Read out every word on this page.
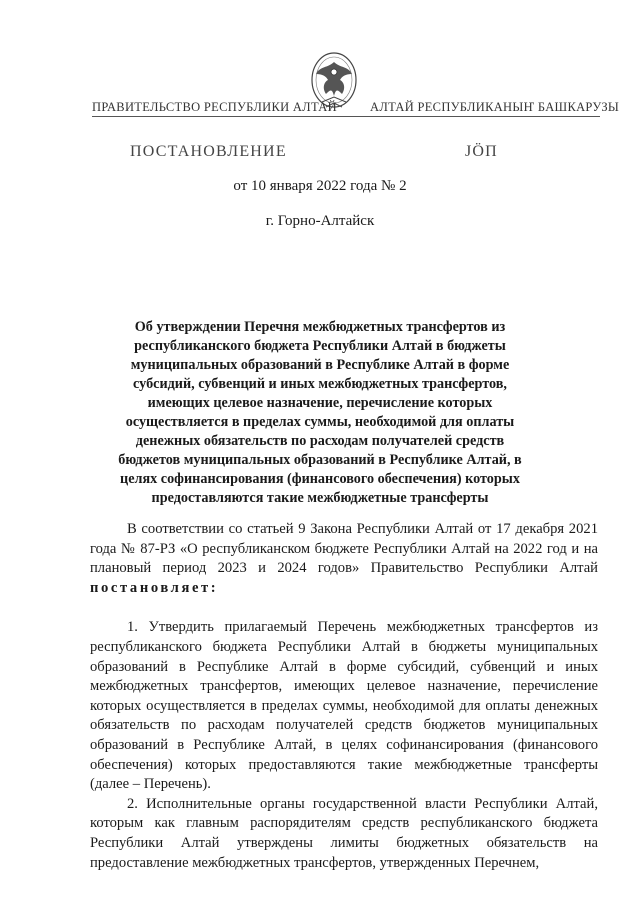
ПРАВИТЕЛЬСТВО РЕСПУБЛИКИ АЛТАЙ	АЛТАЙ РЕСПУБЛИКАНЫҤ БАШКАРУЗЫ
ПОСТАНОВЛЕНИЕ	ЈӦП
от 10 января 2022 года № 2
г. Горно-Алтайск
Об утверждении Перечня межбюджетных трансфертов из республиканского бюджета Республики Алтай в бюджеты муниципальных образований в Республике Алтай в форме субсидий, субвенций и иных межбюджетных трансфертов, имеющих целевое назначение, перечисление которых осуществляется в пределах суммы, необходимой для оплаты денежных обязательств по расходам получателей средств бюджетов муниципальных образований в Республике Алтай, в целях софинансирования (финансового обеспечения) которых предоставляются такие межбюджетные трансферты

В соответствии со статьей 9 Закона Республики Алтай от 17 декабря 2021 года № 87-РЗ «О республиканском бюджете Республики Алтай на 2022 год и на плановый период 2023 и 2024 годов» Правительство Республики Алтай постановляет:

1. Утвердить прилагаемый Перечень межбюджетных трансфертов из республиканского бюджета Республики Алтай в бюджеты муниципальных образований в Республике Алтай в форме субсидий, субвенций и иных межбюджетных трансфертов, имеющих целевое назначение, перечисление которых осуществляется в пределах суммы, необходимой для оплаты денежных обязательств по расходам получателей средств бюджетов муниципальных образований в Республике Алтай, в целях софинансирования (финансового обеспечения) которых предоставляются такие межбюджетные трансферты (далее – Перечень).

2. Исполнительные органы государственной власти Республики Алтай, которым как главным распорядителям средств республиканского бюджета Республики Алтай утверждены лимиты бюджетных обязательств на предоставление межбюджетных трансфертов, утвержденных Перечнем,
